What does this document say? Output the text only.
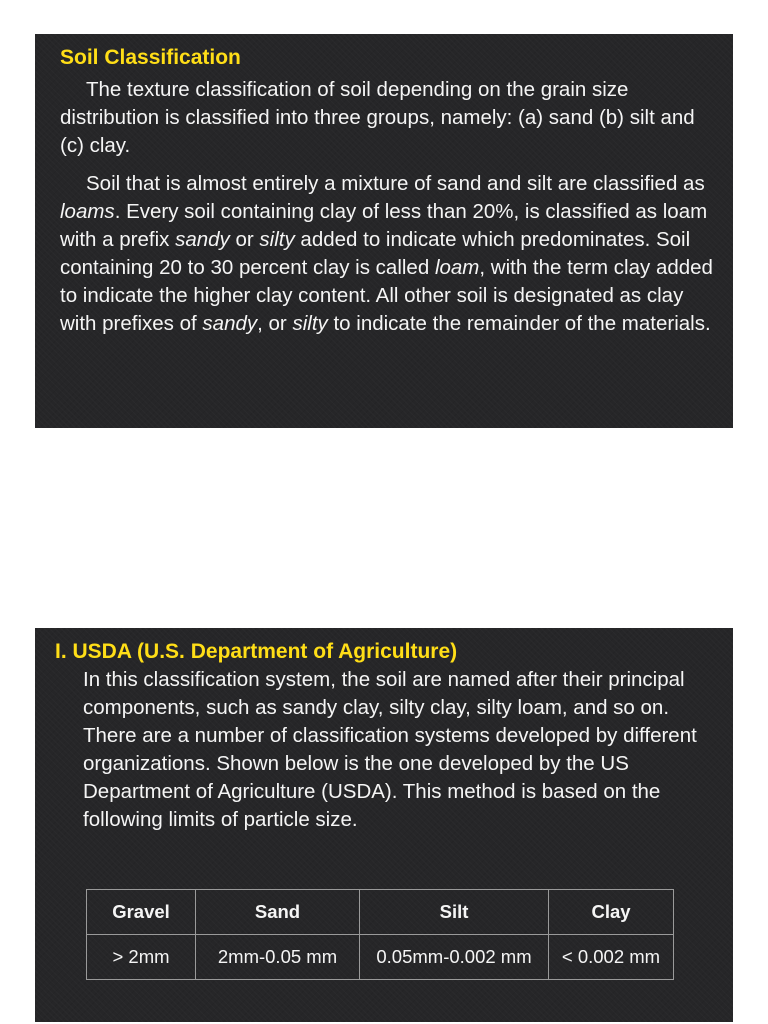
Soil Classification

The texture classification of soil depending on the grain size distribution is classified into three groups, namely: (a) sand (b) silt and (c) clay.

Soil that is almost entirely a mixture of sand and silt are classified as loams. Every soil containing clay of less than 20%, is classified as loam with a prefix sandy or silty added to indicate which predominates. Soil containing 20 to 30 percent clay is called loam, with the term clay added to indicate the higher clay content. All other soil is designated as clay with prefixes of sandy, or silty to indicate the remainder of the materials.

I. USDA (U.S. Department of Agriculture)

In this classification system, the soil are named after their principal components, such as sandy clay, silty clay, silty loam, and so on. There are a number of classification systems developed by different organizations. Shown below is the one developed by the US Department of Agriculture (USDA). This method is based on the following limits of particle size.

Gravel	Sand	Silt	Clay
> 2mm	2mm-0.05 mm	0.05mm-0.002 mm	< 0.002 mm
